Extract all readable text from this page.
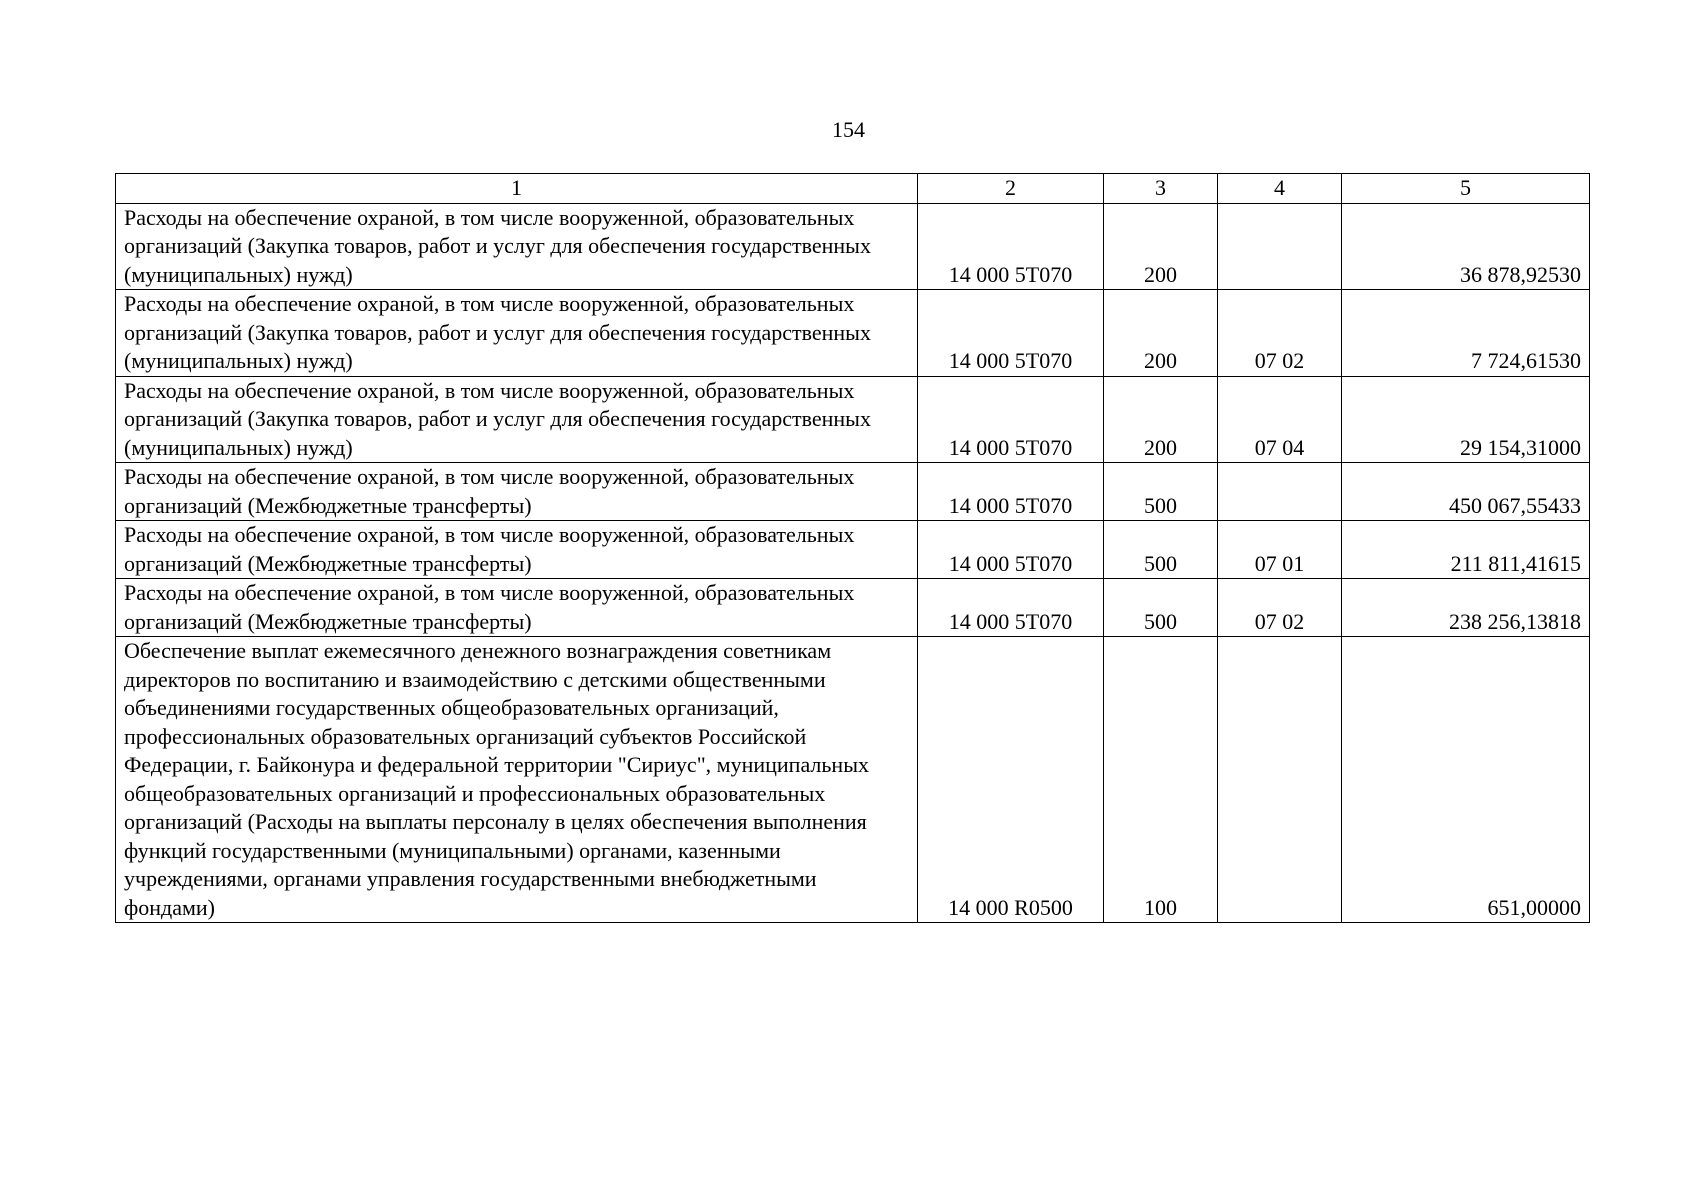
154
1	2	3	4	5
Расходы на обеспечение охраной, в том числе вооруженной, образовательных организаций (Закупка товаров, работ и услуг для обеспечения государственных (муниципальных) нужд)	14 000 5Т070	200		36 878,92530
Расходы на обеспечение охраной, в том числе вооруженной, образовательных организаций (Закупка товаров, работ и услуг для обеспечения государственных (муниципальных) нужд)	14 000 5Т070	200	07 02	7 724,61530
Расходы на обеспечение охраной, в том числе вооруженной, образовательных организаций (Закупка товаров, работ и услуг для обеспечения государственных (муниципальных) нужд)	14 000 5Т070	200	07 04	29 154,31000
Расходы на обеспечение охраной, в том числе вооруженной, образовательных организаций (Межбюджетные трансферты)	14 000 5Т070	500		450 067,55433
Расходы на обеспечение охраной, в том числе вооруженной, образовательных организаций (Межбюджетные трансферты)	14 000 5Т070	500	07 01	211 811,41615
Расходы на обеспечение охраной, в том числе вооруженной, образовательных организаций (Межбюджетные трансферты)	14 000 5Т070	500	07 02	238 256,13818
Обеспечение выплат ежемесячного денежного вознаграждения советникам директоров по воспитанию и взаимодействию с детскими общественными объединениями государственных общеобразовательных организаций, профессиональных образовательных организаций субъектов Российской Федерации, г. Байконура и федеральной территории "Сириус", муниципальных общеобразовательных организаций и профессиональных образовательных организаций (Расходы на выплаты персоналу в целях обеспечения выполнения функций государственными (муниципальными) органами, казенными учреждениями, органами управления государственными внебюджетными фондами)	14 000 R0500	100		651,00000
